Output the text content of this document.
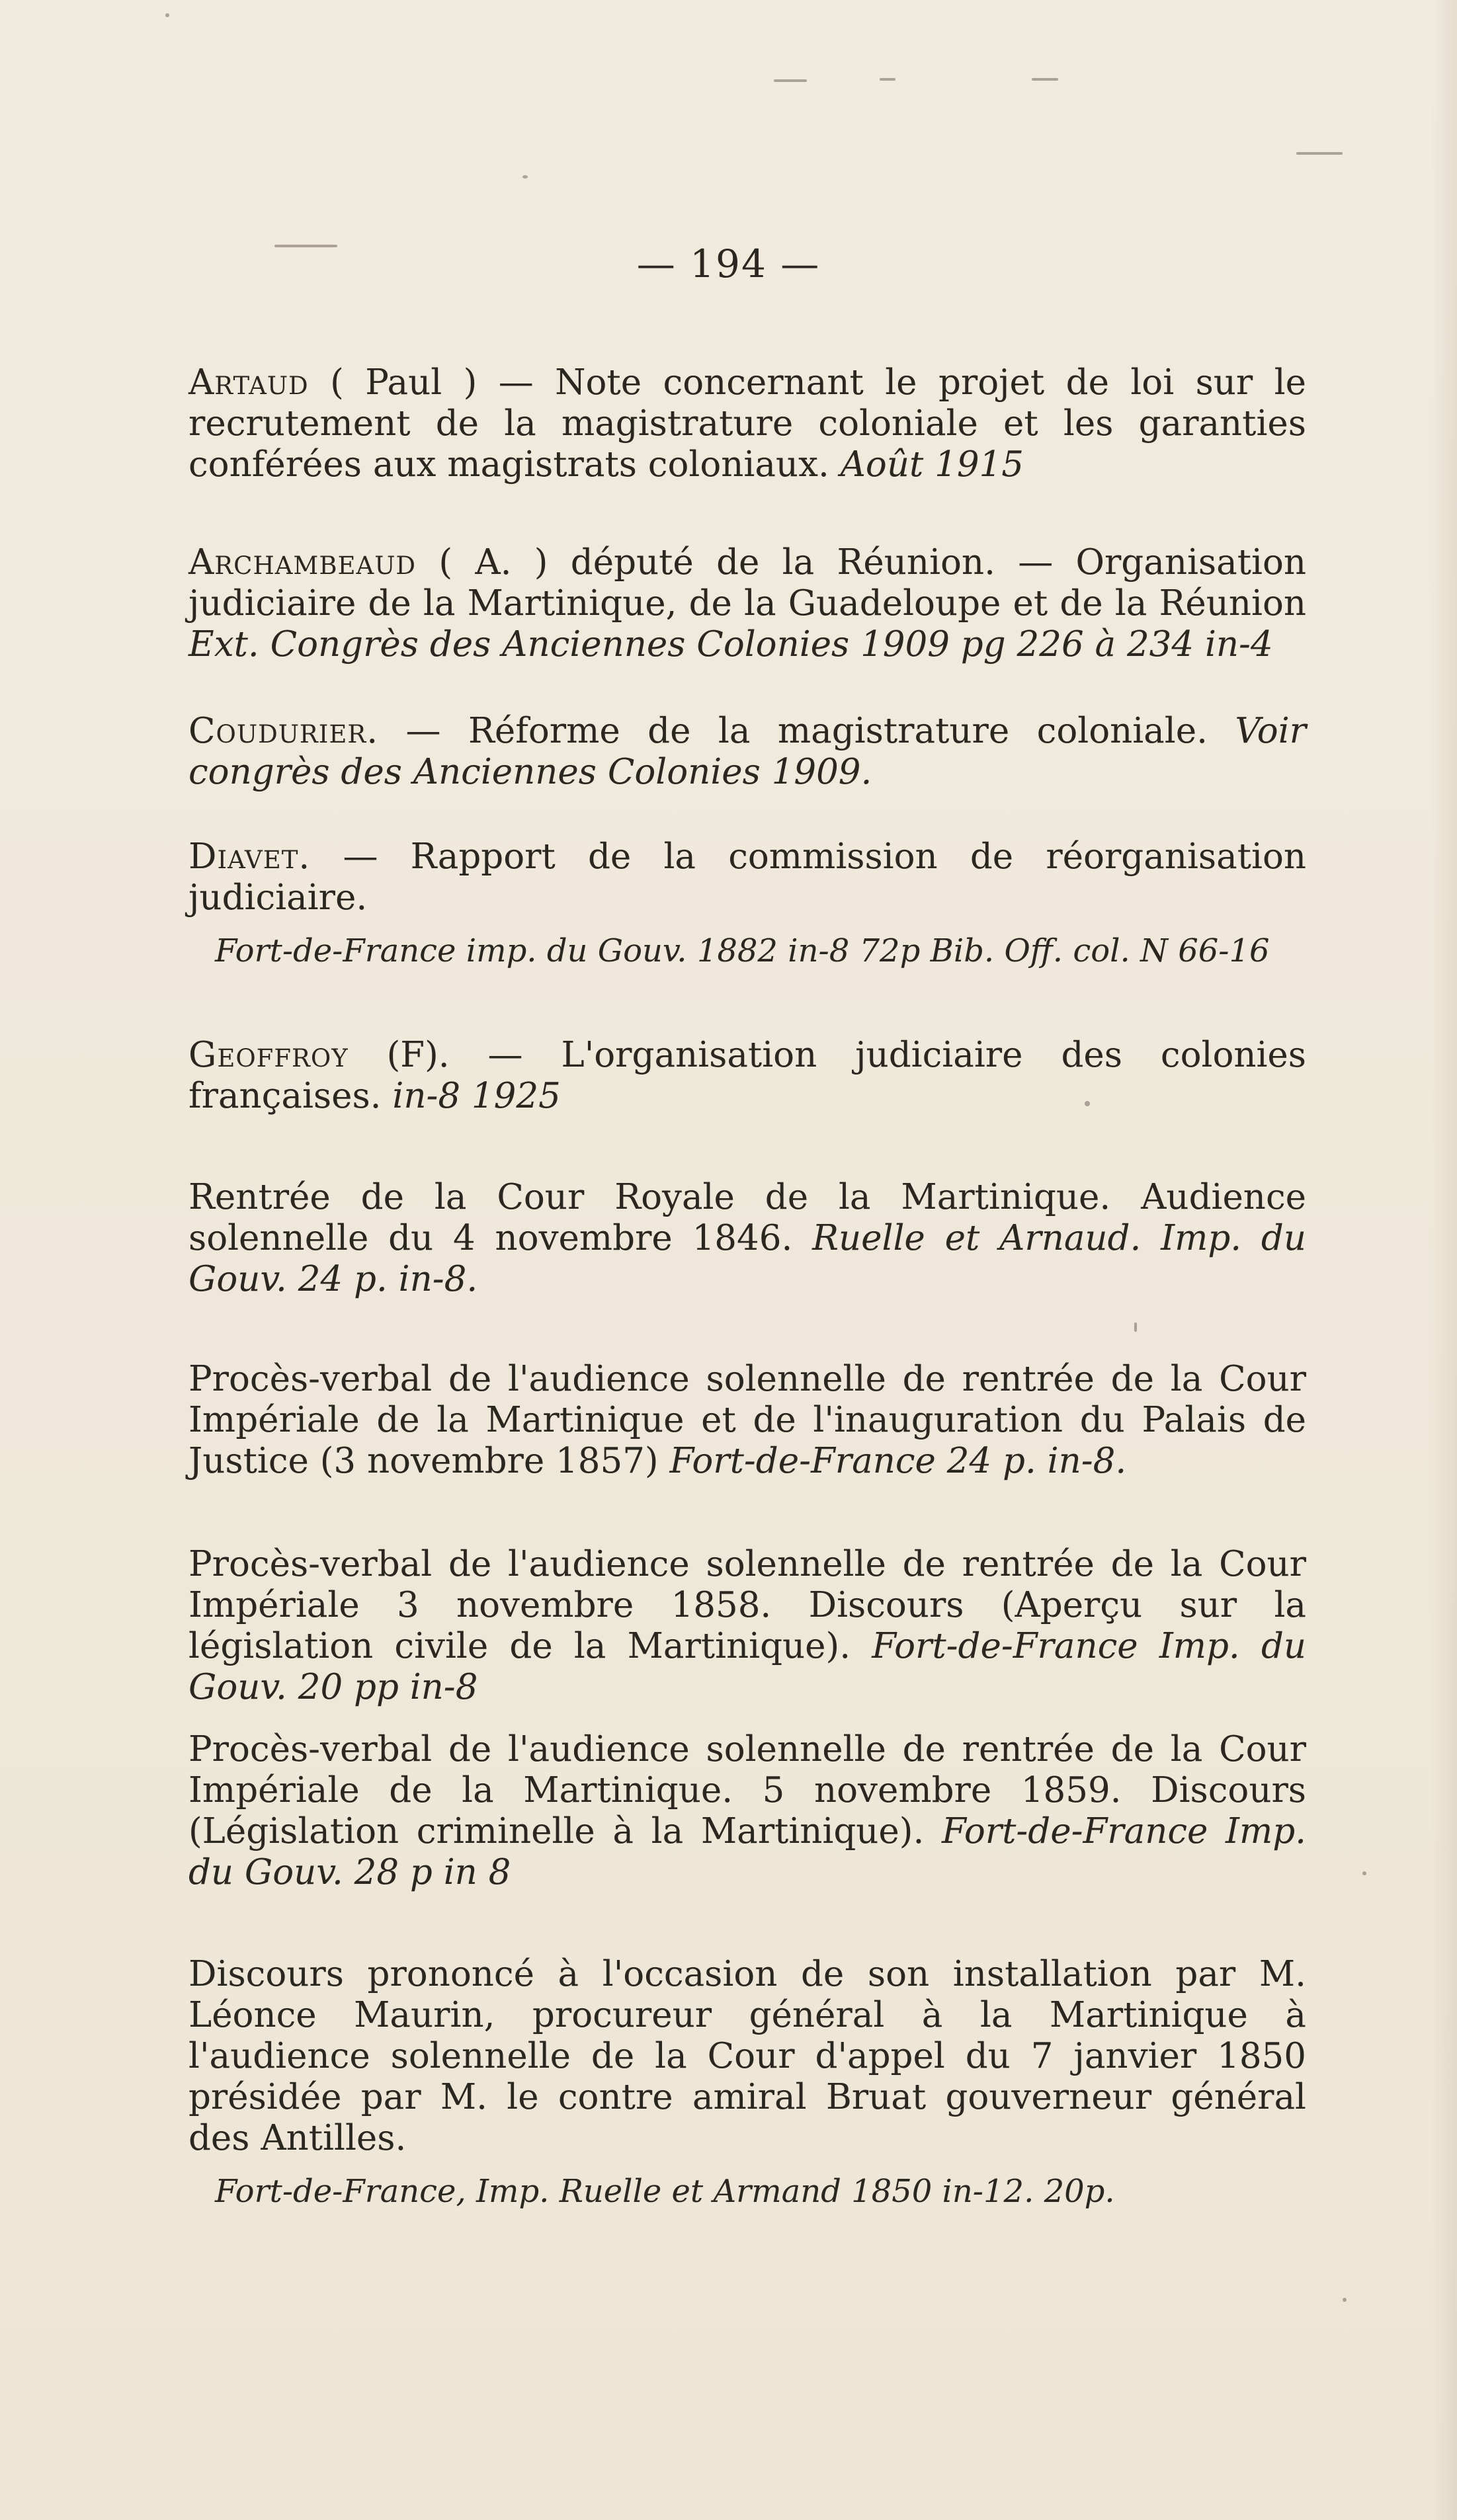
— 194 —

Artaud ( Paul ) — Note concernant le projet de loi sur le recrutement de la magistrature coloniale et les garanties conférées aux magistrats coloniaux. Août 1915

Archambeaud ( A. ) député de la Réunion. — Organisation judiciaire de la Martinique, de la Guadeloupe et de la Réunion Ext. Congrès des Anciennes Colonies 1909 pg 226 à 234 in-4

Coudurier. — Réforme de la magistrature coloniale. Voir congrès des Anciennes Colonies 1909.

Diavet. — Rapport de la commission de réorganisation judiciaire.
Fort-de-France imp. du Gouv. 1882 in-8 72p Bib. Off. col. N 66-16

Geoffroy (F). — L'organisation judiciaire des colonies françaises. in-8 1925

Rentrée de la Cour Royale de la Martinique. Audience solennelle du 4 novembre 1846. Ruelle et Arnaud. Imp. du Gouv. 24 p. in-8.

Procès-verbal de l'audience solennelle de rentrée de la Cour Impériale de la Martinique et de l'inauguration du Palais de Justice (3 novembre 1857) Fort-de-France 24 p. in-8.

Procès-verbal de l'audience solennelle de rentrée de la Cour Impériale 3 novembre 1858. Discours (Aperçu sur la législation civile de la Martinique). Fort-de-France Imp. du Gouv. 20 pp in-8

Procès-verbal de l'audience solennelle de rentrée de la Cour Impériale de la Martinique. 5 novembre 1859. Discours (Législation criminelle à la Martinique). Fort-de-France Imp. du Gouv. 28 p in 8

Discours prononcé à l'occasion de son installation par M. Léonce Maurin, procureur général à la Martinique à l'audience solennelle de la Cour d'appel du 7 janvier 1850 présidée par M. le contre amiral Bruat gouverneur général des Antilles.
Fort-de-France, Imp. Ruelle et Armand 1850 in-12. 20p.
